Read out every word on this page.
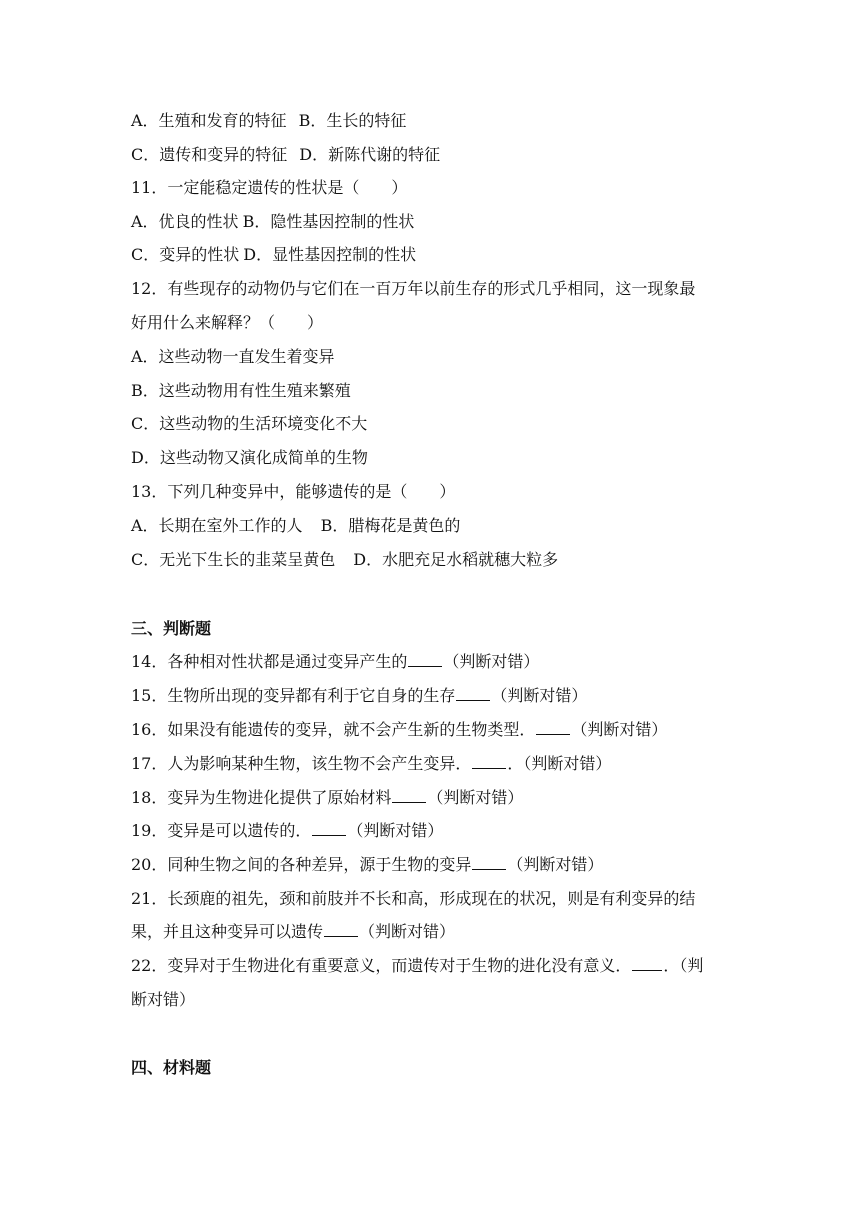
A．生殖和发育的特征 B．生长的特征
C．遗传和变异的特征 D．新陈代谢的特征
11．一定能稳定遗传的性状是（　　）
A．优良的性状 B．隐性基因控制的性状
C．变异的性状 D．显性基因控制的性状
12．有些现存的动物仍与它们在一百万年以前生存的形式几乎相同，这一现象最
好用什么来解释？（　　）
A．这些动物一直发生着变异
B．这些动物用有性生殖来繁殖
C．这些动物的生活环境变化不大
D．这些动物又演化成简单的生物
13．下列几种变异中，能够遗传的是（　　）
A．长期在室外工作的人 B．腊梅花是黄色的
C．无光下生长的韭菜呈黄色 D．水肥充足水稻就穗大粒多
三、判断题
14．各种相对性状都是通过变异产生的 （判断对错）
15．生物所出现的变异都有利于它自身的生存 （判断对错）
16．如果没有能遗传的变异，就不会产生新的生物类型． （判断对错）
17．人为影响某种生物，该生物不会产生变异． ．（判断对错）
18．变异为生物进化提供了原始材料 （判断对错）
19．变异是可以遗传的． （判断对错）
20．同种生物之间的各种差异，源于生物的变异 （判断对错）
21．长颈鹿的祖先，颈和前肢并不长和高，形成现在的状况，则是有利变异的结
果，并且这种变异可以遗传 （判断对错）
22．变异对于生物进化有重要意义，而遗传对于生物的进化没有意义． ．（判
断对错）
四、材料题
